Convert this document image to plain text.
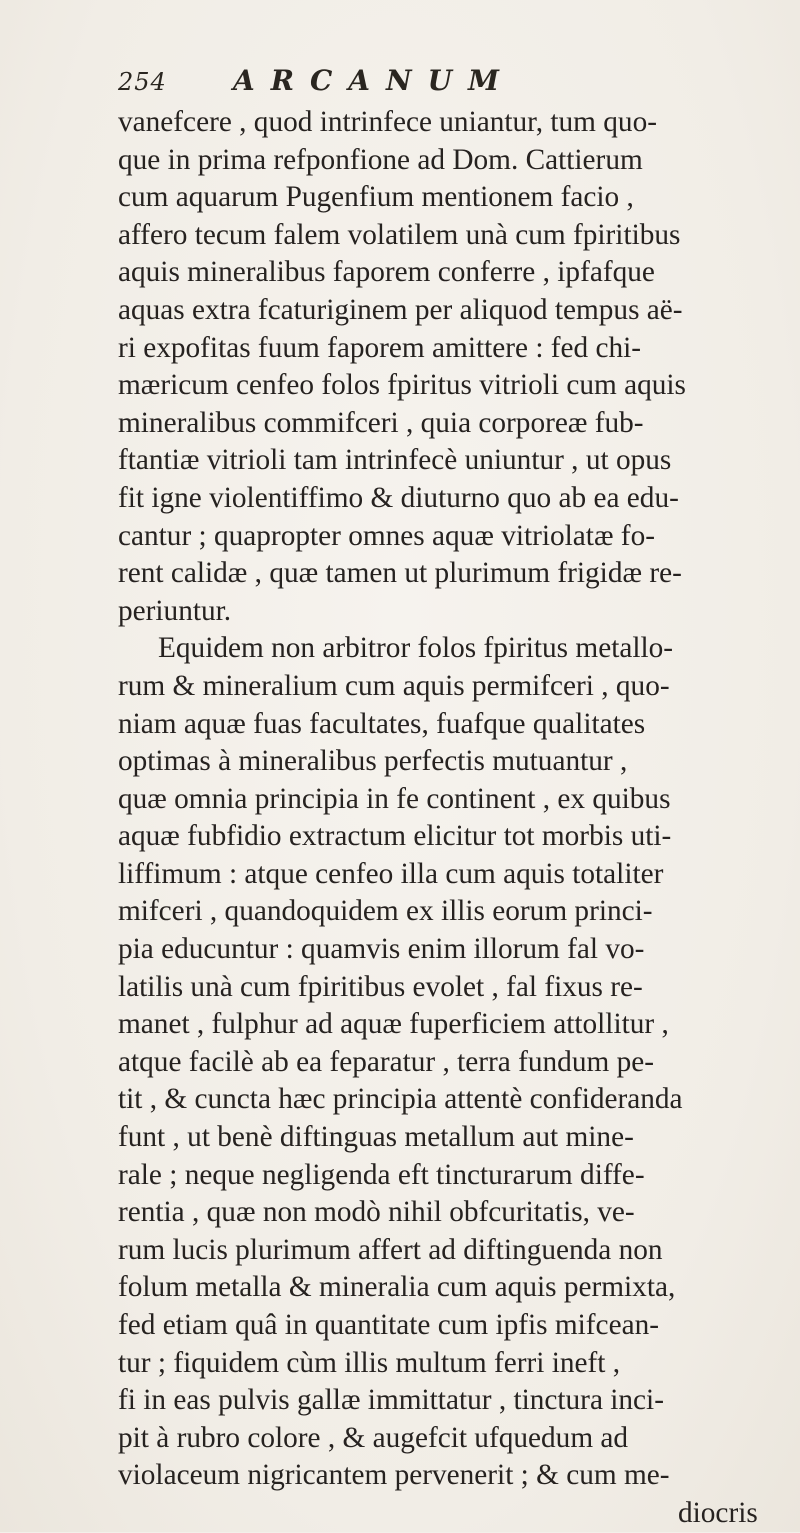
254 ARCANUM
vanefcere , quod intrinfece uniantur, tum quo-
que in prima refponfione ad Dom. Cattierum
cum aquarum Pugenfium mentionem facio ,
affero tecum falem volatilem unà cum fpiritibus
aquis mineralibus faporem conferre , ipfafque
aquas extra fcaturiginem per aliquod tempus aë-
ri expofitas fuum faporem amittere : fed chi-
mæricum cenfeo folos fpiritus vitrioli cum aquis
mineralibus commifceri , quia corporeæ fub-
ftantiæ vitrioli tam intrinfecè uniuntur , ut opus
fit igne violentiffimo & diuturno quo ab ea edu-
cantur ; quapropter omnes aquæ vitriolatæ fo-
rent calidæ , quæ tamen ut plurimum frigidæ re-
periuntur.
Equidem non arbitror folos fpiritus metallo-
rum & mineralium cum aquis permifceri , quo-
niam aquæ fuas facultates, fuafque qualitates
optimas à mineralibus perfectis mutuantur ,
quæ omnia principia in fe continent , ex quibus
aquæ fubfidio extractum elicitur tot morbis uti-
liffimum : atque cenfeo illa cum aquis totaliter
mifceri , quandoquidem ex illis eorum princi-
pia educuntur : quamvis enim illorum fal vo-
latilis unà cum fpiritibus evolet , fal fixus re-
manet , fulphur ad aquæ fuperficiem attollitur ,
atque facilè ab ea feparatur , terra fundum pe-
tit , & cuncta hæc principia attentè confideranda
funt , ut benè diftinguas metallum aut mine-
rale ; neque negligenda eft tincturarum diffe-
rentia , quæ non modò nihil obfcuritatis, ve-
rum lucis plurimum affert ad diftinguenda non
folum metalla & mineralia cum aquis permixta,
fed etiam quâ in quantitate cum ipfis mifcean-
tur ; fiquidem cùm illis multum ferri ineft ,
fi in eas pulvis gallæ immittatur , tinctura inci-
pit à rubro colore , & augefcit ufquedum ad
violaceum nigricantem pervenerit ; & cum me-
diocris
